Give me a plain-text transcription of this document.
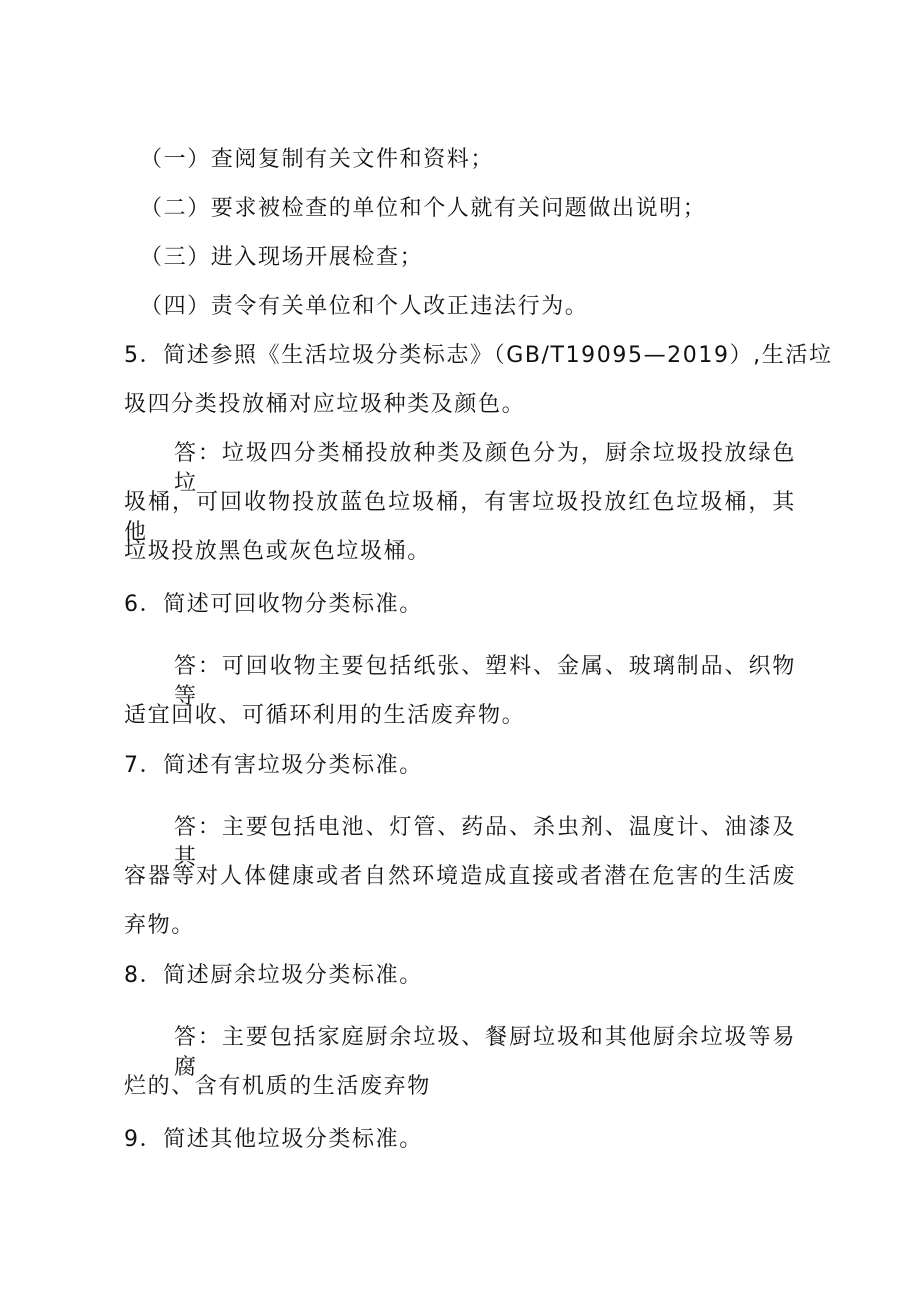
（一）查阅复制有关文件和资料；
（二）要求被检查的单位和个人就有关问题做出说明；
（三）进入现场开展检查；
（四）责令有关单位和个人改正违法行为。
5．简述参照《生活垃圾分类标志》（GB/T19095—2019）,生活垃
圾四分类投放桶对应垃圾种类及颜色。
答：垃圾四分类桶投放种类及颜色分为，厨余垃圾投放绿色垃
圾桶，可回收物投放蓝色垃圾桶，有害垃圾投放红色垃圾桶，其他
垃圾投放黑色或灰色垃圾桶。
6．简述可回收物分类标准。
答：可回收物主要包括纸张、塑料、金属、玻璃制品、织物等
适宜回收、可循环利用的生活废弃物。
7．简述有害垃圾分类标准。
答：主要包括电池、灯管、药品、杀虫剂、温度计、油漆及其
容器等对人体健康或者自然环境造成直接或者潜在危害的生活废
弃物。
8．简述厨余垃圾分类标准。
答：主要包括家庭厨余垃圾、餐厨垃圾和其他厨余垃圾等易腐
烂的、含有机质的生活废弃物
9．简述其他垃圾分类标准。
